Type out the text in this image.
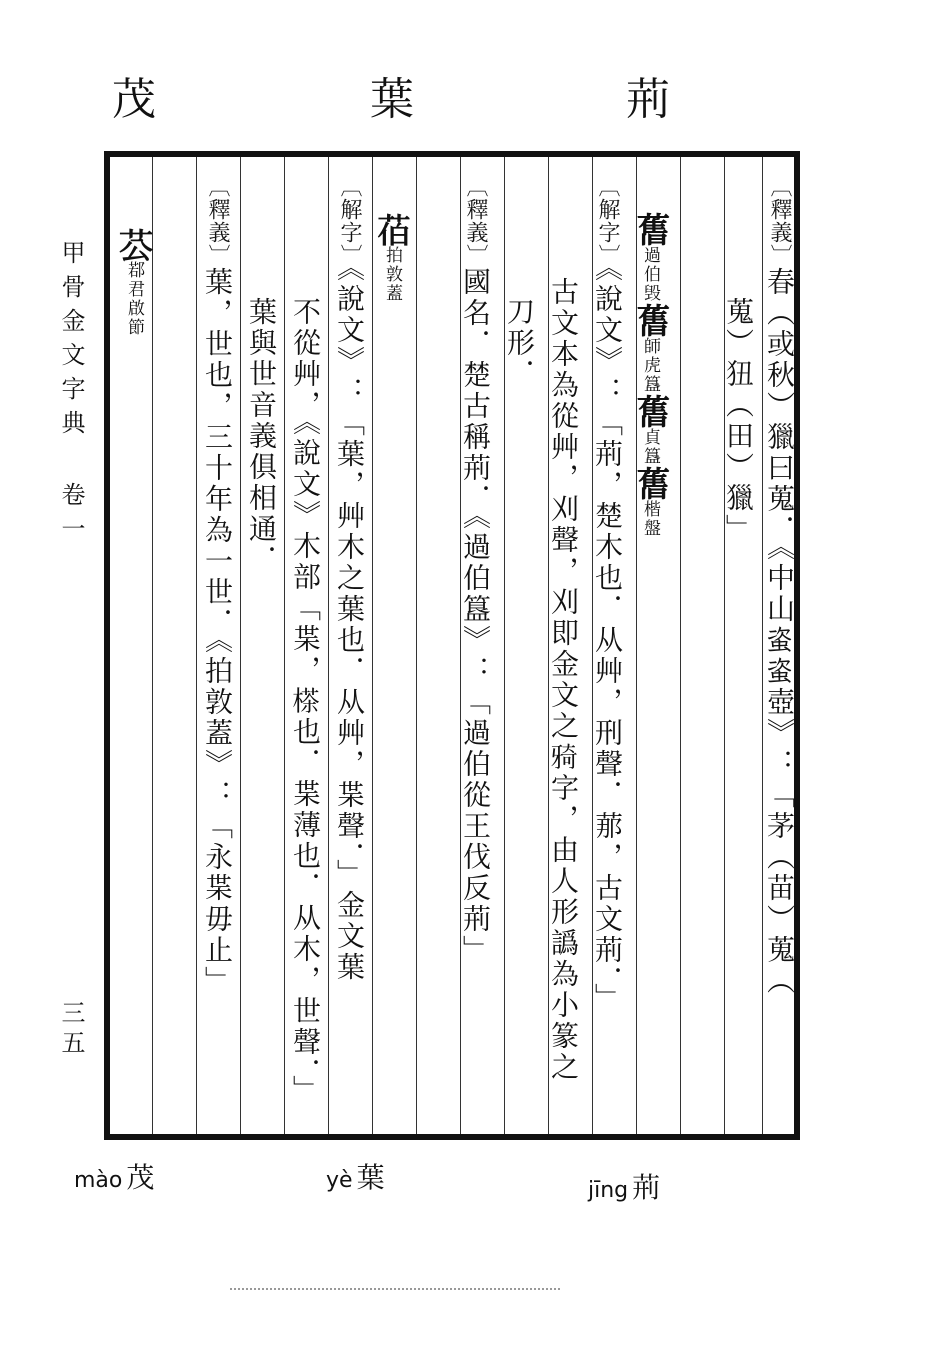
茂	葉	荊
甲骨金文字典 卷一
三五
〔釋義〕春（或秋）獵曰蒐．《中山𧊒𧊒壺》：「茅（苗）蒐（
蒐）狃（田）獵」
𦾔過伯毁𦾔師虎簋𦾔貞簋𦾔楷盤
〔解字〕《說文》：「荊，楚木也．从艸，刑聲．𦰡，古文荊．」
古文本為從艸，刈聲，刈即金文之𤘌字，由人形譌為小篆之
刀形．
〔釋義〕國名．楚古稱荊．《過伯簋》：「過伯從王伐反荊」
𦯉拍敦蓋
〔解字〕《說文》：「葉，艸木之葉也．从艸，枼聲．」金文葉
不從艸，《說文》木部「枼，𣗪也．枼薄也．从木，世聲．」
葉與世音義俱相通．
〔釋義〕葉，世也，三十年為一世．《拍敦蓋》：「永枼毋止」
𦬘鄀君啟節
mào 茂	yè 葉	jīng 荊
